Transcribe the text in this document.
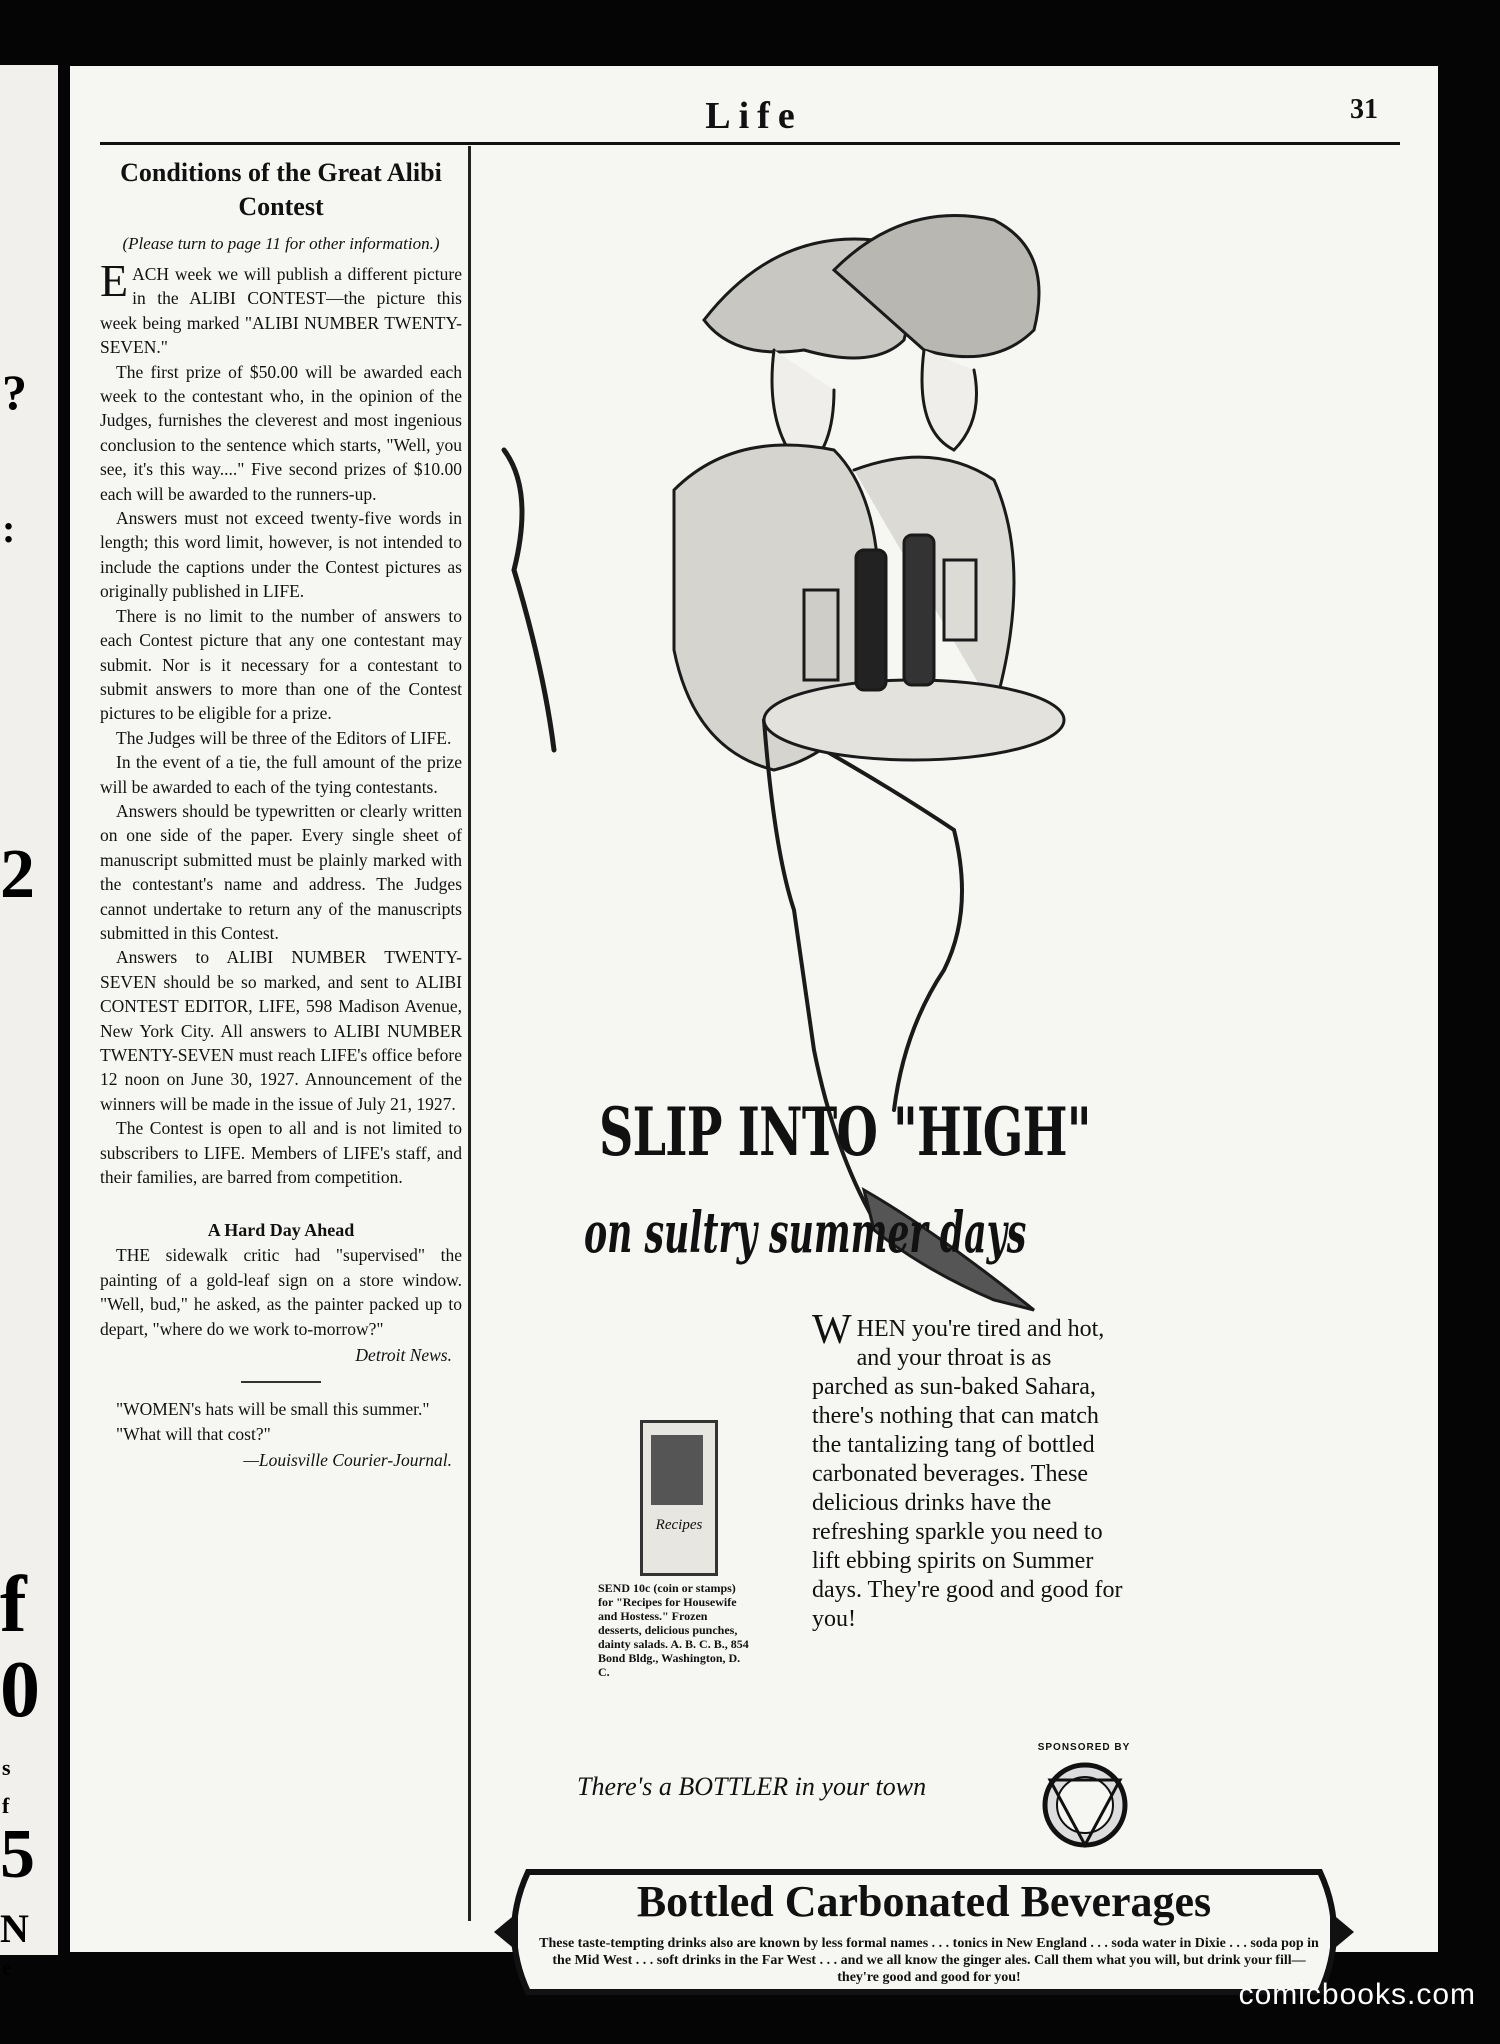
?
:
2
f
0
s
f
5
N
e
Life	31
Conditions of the Great Alibi Contest
(Please turn to page 11 for other information.)

EACH week we will publish a different picture in the ALIBI CONTEST—the picture this week being marked "ALIBI NUMBER TWENTY-SEVEN."

The first prize of $50.00 will be awarded each week to the contestant who, in the opinion of the Judges, furnishes the cleverest and most ingenious conclusion to the sentence which starts, "Well, you see, it's this way...." Five second prizes of $10.00 each will be awarded to the runners-up.

Answers must not exceed twenty-five words in length; this word limit, however, is not intended to include the captions under the Contest pictures as originally published in LIFE.

There is no limit to the number of answers to each Contest picture that any one contestant may submit. Nor is it necessary for a contestant to submit answers to more than one of the Contest pictures to be eligible for a prize.

The Judges will be three of the Editors of LIFE.

In the event of a tie, the full amount of the prize will be awarded to each of the tying contestants.

Answers should be typewritten or clearly written on one side of the paper. Every single sheet of manuscript submitted must be plainly marked with the contestant's name and address. The Judges cannot undertake to return any of the manuscripts submitted in this Contest.

Answers to ALIBI NUMBER TWENTY-SEVEN should be so marked, and sent to ALIBI CONTEST EDITOR, LIFE, 598 Madison Avenue, New York City. All answers to ALIBI NUMBER TWENTY-SEVEN must reach LIFE's office before 12 noon on June 30, 1927. Announcement of the winners will be made in the issue of July 21, 1927.

The Contest is open to all and is not limited to subscribers to LIFE. Members of LIFE's staff, and their families, are barred from competition.

A Hard Day Ahead

THE sidewalk critic had "supervised" the painting of a gold-leaf sign on a store window. "Well, bud," he asked, as the painter packed up to depart, "where do we work to-morrow?"

Detroit News.

"WOMEN's hats will be small this summer."

"What will that cost?"

—Louisville Courier-Journal.

SLIP INTO "HIGH"
on sultry summer days
WHEN you're tired and hot, and your throat is as parched as sun-baked Sahara, there's nothing that can match the tantalizing tang of bottled carbonated beverages. These delicious drinks have the refreshing sparkle you need to lift ebbing spirits on Summer days. They're good and good for you!
Recipes
SEND 10c (coin or stamps) for "Recipes for Housewife and Hostess." Frozen desserts, delicious punches, dainty salads. A. B. C. B., 854 Bond Bldg., Washington, D. C.
There's a BOTTLER in your town
SPONSORED BY
Bottled Carbonated Beverages
These taste-tempting drinks also are known by less formal names . . . tonics in New England . . . soda water in Dixie . . . soda pop in the Mid West . . . soft drinks in the Far West . . . and we all know the ginger ales. Call them what you will, but drink your fill—they're good and good for you!
comicbooks.com
